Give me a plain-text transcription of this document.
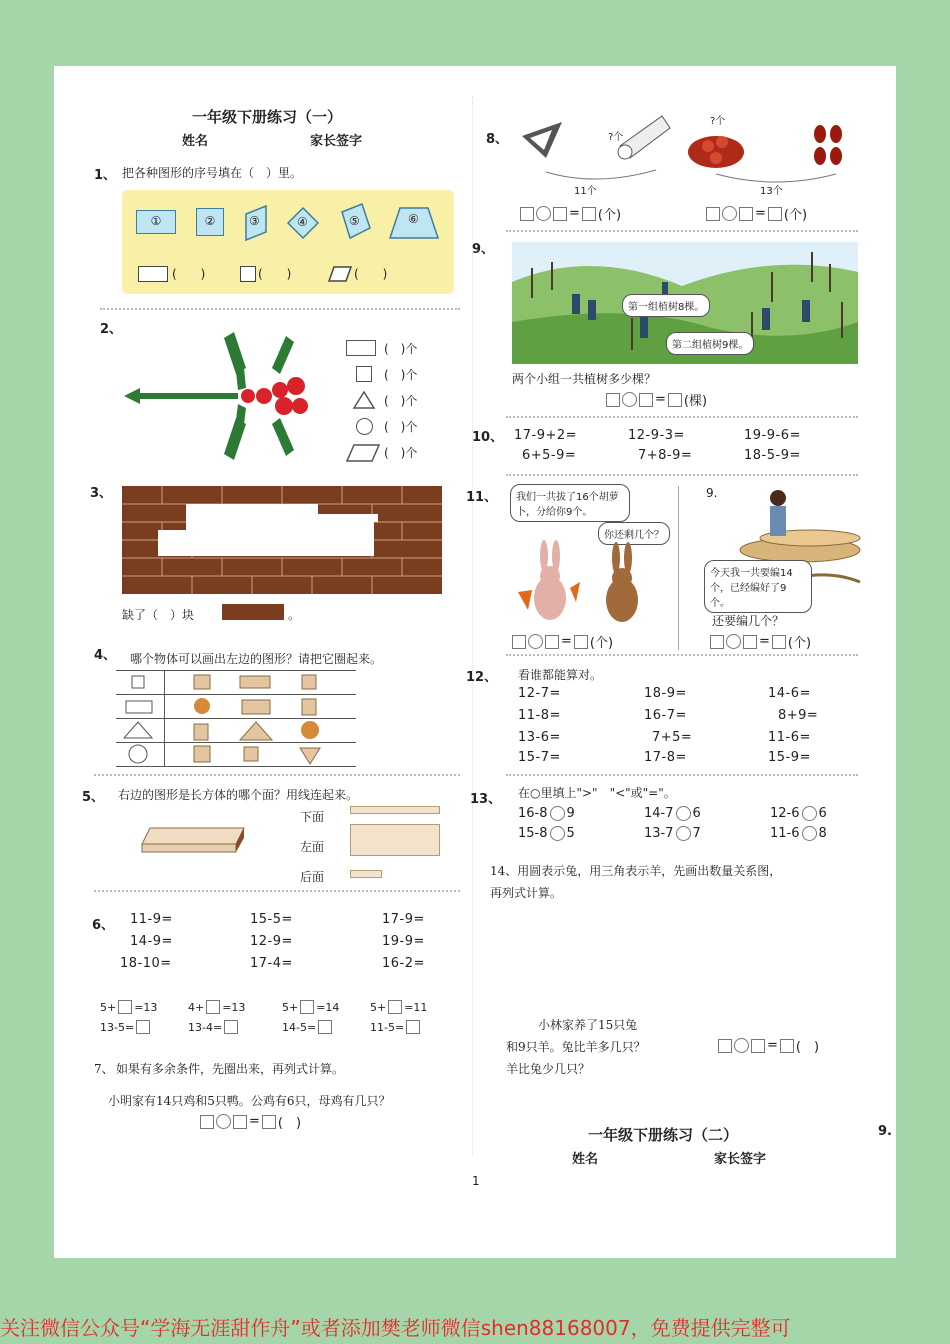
一年级下册练习（一）
姓名	家长签字
1、 把各种图形的序号填在（　）里。
①	②	③	④	⑤	⑥
(　　)	(　　)	(　　)
2、
(　)个
(　)个
(　)个
(　)个
(　)个
3、
缺了（　）块	。
4、 哪个物体可以画出左边的图形？请把它圈起来。
5、 右边的图形是长方体的哪个面？用线连起来。
下面
左面
后面
6、 11-9=	15-5=	17-9=
14-9=	12-9=	19-9=
18-10=	17-4=	16-2=
5+ =13	4+ =13	5+ =14	5+ =11
13-5=	13-4=	14-5=	11-5=
7、 如果有多余条件，先圈出来，再列式计算。
小明家有14只鸡和5只鸭。公鸡有6只，母鸡有几只？
= (　)
8、	?个
11个
?个
13个
= (个)	= (个)
9、
第一组植树8棵。
第二组植树9棵。
两个小组一共植树多少棵？
= (棵)
10、 17-9+2=	12-9-3=	19-9-6=
6+5-9=	7+8-9=	18-5-9=
11、	我们一共拔了16个胡萝卜，分给你9个。
你还剩几个？
9.
今天我一共要编14个，已经编好了9个。
还要编几个？
= (个)	= (个)
12、 看谁都能算对。
12-7=	18-9=	14-6=
11-8=	16-7=	8+9=
13-6=	7+5=	11-6=
15-7=	17-8=	15-9=
13、 在○里填上">"　"<"或"="。
16-8 9	14-7 6	12-6 6
15-8 5	13-7 7	11-6 8
14、用圆表示兔，用三角表示羊，先画出数量关系图，
再列式计算。
小林家养了15只兔
和9只羊。兔比羊多几只？
羊比兔少几只？
= (　)
一年级下册练习（二）
姓名	家长签字
9.
1
关注微信公众号“学海无涯甜作舟”或者添加樊老师微信shen88168007，免费提供完整可
